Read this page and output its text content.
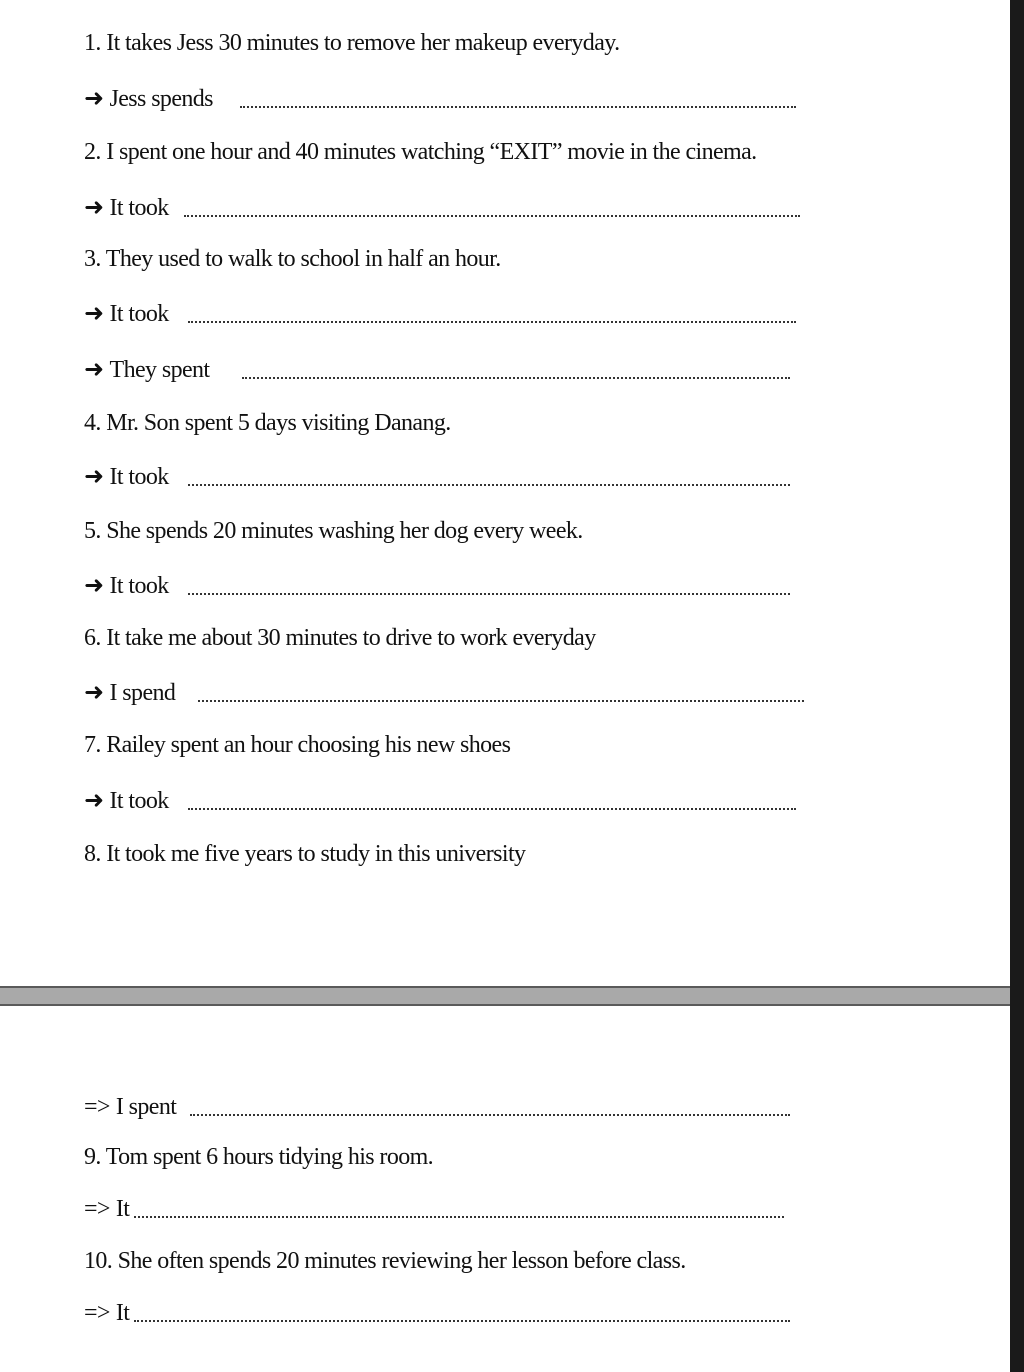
1. It takes Jess 30 minutes to remove her makeup everyday.
➜ Jess spends
2. I spent one hour and 40 minutes watching “EXIT” movie in the cinema.
➜ It took
3. They used to walk to school in half an hour.
➜ It took
➜ They spent
4. Mr. Son spent 5 days visiting Danang.
➜ It took
5. She spends 20 minutes washing her dog every week.
➜ It took
6. It take me about 30 minutes to drive to work everyday
➜ I spend
7. Railey spent an hour choosing his new shoes
➜ It took
8. It took me five years to study in this university
=> I spent
9. Tom spent 6 hours tidying his room.
=> It
10. She often spends 20 minutes reviewing her lesson before class.
=> It
